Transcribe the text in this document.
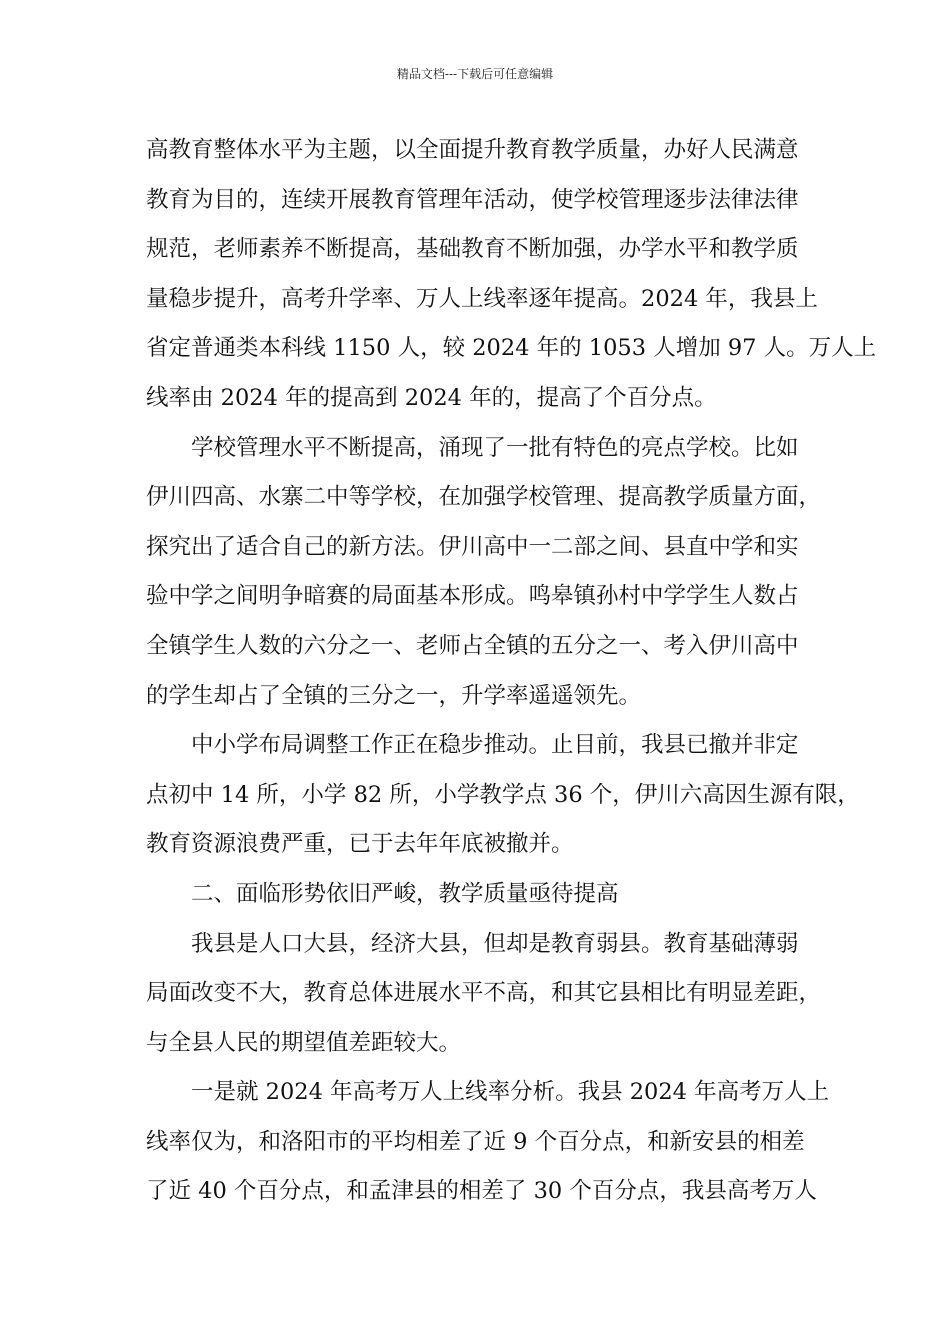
精品文档---下载后可任意编辑
高教育整体水平为主题，以全面提升教育教学质量，办好人民满意
教育为目的，连续开展教育管理年活动，使学校管理逐步法律法律
规范，老师素养不断提高，基础教育不断加强，办学水平和教学质
量稳步提升，高考升学率、万人上线率逐年提高。2024 年，我县上
省定普通类本科线 1150 人，较 2024 年的 1053 人增加 97 人。万人上
线率由 2024 年的提高到 2024 年的，提高了个百分点。
学校管理水平不断提高，涌现了一批有特色的亮点学校。比如
伊川四高、水寨二中等学校，在加强学校管理、提高教学质量方面，
探究出了适合自己的新方法。伊川高中一二部之间、县直中学和实
验中学之间明争暗赛的局面基本形成。鸣皋镇孙村中学学生人数占
全镇学生人数的六分之一、老师占全镇的五分之一、考入伊川高中
的学生却占了全镇的三分之一，升学率遥遥领先。
中小学布局调整工作正在稳步推动。止目前，我县已撤并非定
点初中 14 所，小学 82 所，小学教学点 36 个，伊川六高因生源有限，
教育资源浪费严重，已于去年年底被撤并。
二、面临形势依旧严峻，教学质量亟待提高
我县是人口大县，经济大县，但却是教育弱县。教育基础薄弱
局面改变不大，教育总体进展水平不高，和其它县相比有明显差距，
与全县人民的期望值差距较大。
一是就 2024 年高考万人上线率分析。我县 2024 年高考万人上
线率仅为，和洛阳市的平均相差了近 9 个百分点，和新安县的相差
了近 40 个百分点，和孟津县的相差了 30 个百分点，我县高考万人
